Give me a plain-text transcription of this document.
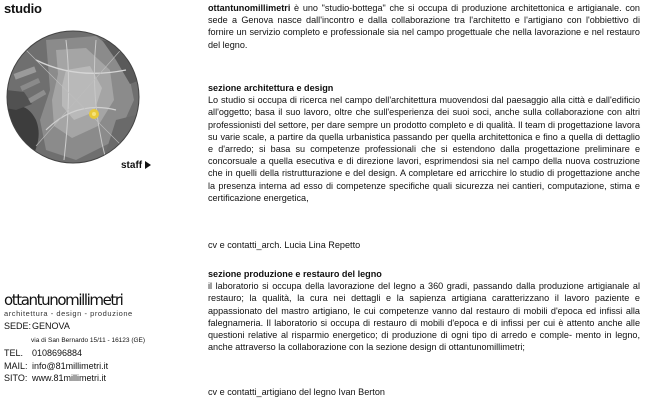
studio
staff
ottantunomillimetri
architettura - design - produzione
SEDE:GENOVA
via di San Bernardo 15/11 - 16123 (GE)
TEL. 0108696884
MAIL: info@81millimetri.it
SITO: www.81millimetri.it

ottantunomillimetri è uno "studio-bottega" che si occupa di produzione architettonica e artigianale. con sede a Genova nasce dall'incontro e dalla collaborazione tra l'architetto e l'artigiano con l'obbiettivo di fornire un servizio completo e professionale sia nel campo progettuale che nella lavorazione e nel restauro del legno.

sezione architettura e design

Lo studio si occupa di ricerca nel campo dell'architettura muovendosi dal paesaggio alla città e dall'edificio all'oggetto; basa il suo lavoro, oltre che sull'esperienza dei suoi soci, anche sulla collaborazione con altri professionisti del settore, per dare sempre un prodotto completo e di qualità. Il team di progettazione lavora su varie scale, a partire da quella urbanistica passando per quella architettonica e fino a quella di dettaglio e d'arredo; si basa su competenze professionali che si estendono dalla progettazione preliminare e concorsuale a quella esecutiva e di direzione lavori, esprimendosi sia nel campo della nuova costruzione che in quelli della ristrutturazione e del design. A completare ed arricchire lo studio di progettazione anche la presenza interna ad esso di competenze specifiche quali sicurezza nei cantieri, computazione, stima e certificazione energetica,

cv e contatti_arch. Lucia Lina Repetto

sezione produzione e restauro del legno

il laboratorio si occupa della lavorazione del legno a 360 gradi, passando dalla produzione artigianale al restauro; la qualità, la cura nei dettagli e la sapienza artigiana caratterizzano il lavoro paziente e appassionato del mastro artigiano, le cui competenze vanno dal restauro di mobili d'epoca ed infissi alla falegnameria. Il laboratorio si occupa di restauro di mobili d'epoca e di infissi per cui è attento anche alle questioni relative al risparmio energetico; di produzione di ogni tipo di arredo e comple- mento in legno, anche attraverso la collaborazione con la sezione design di ottantunomillimetri;

cv e contatti_artigiano del legno Ivan Berton
